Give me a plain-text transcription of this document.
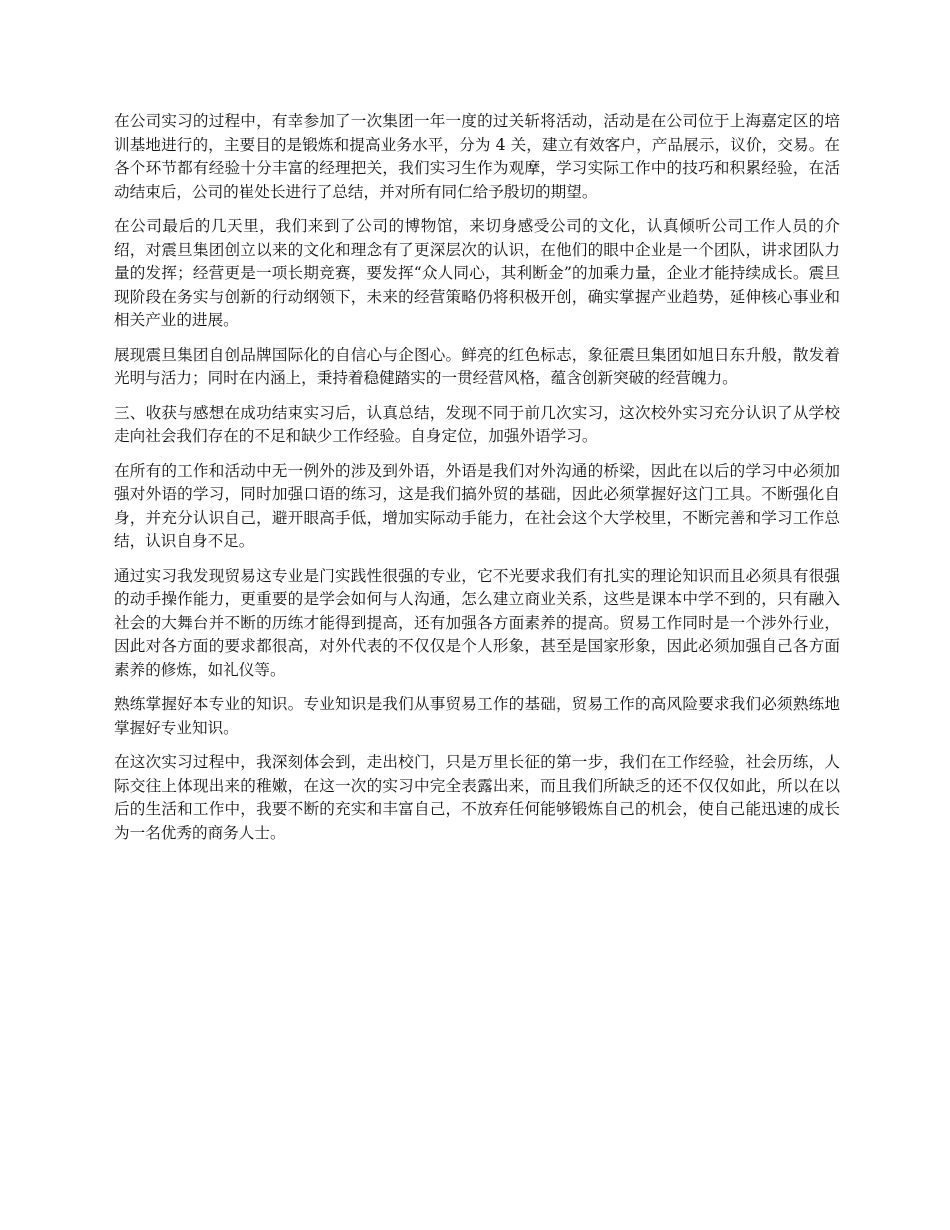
在公司实习的过程中，有幸参加了一次集团一年一度的过关斩将活动，活动是在公司位于上海嘉定区的培训基地进行的，主要目的是锻炼和提高业务水平，分为 4 关，建立有效客户，产品展示，议价，交易。在各个环节都有经验十分丰富的经理把关，我们实习生作为观摩，学习实际工作中的技巧和积累经验，在活动结束后，公司的崔处长进行了总结，并对所有同仁给予殷切的期望。

在公司最后的几天里，我们来到了公司的博物馆，来切身感受公司的文化，认真倾听公司工作人员的介绍，对震旦集团创立以来的文化和理念有了更深层次的认识，在他们的眼中企业是一个团队，讲求团队力量的发挥；经营更是一项长期竞赛，要发挥“众人同心，其利断金”的加乘力量，企业才能持续成长。震旦现阶段在务实与创新的行动纲领下，未来的经营策略仍将积极开创，确实掌握产业趋势，延伸核心事业和相关产业的进展。

展现震旦集团自创品牌国际化的自信心与企图心。鲜亮的红色标志，象征震旦集团如旭日东升般，散发着光明与活力；同时在内涵上，秉持着稳健踏实的一贯经营风格，蕴含创新突破的经营魄力。

三、收获与感想在成功结束实习后，认真总结，发现不同于前几次实习，这次校外实习充分认识了从学校走向社会我们存在的不足和缺少工作经验。自身定位，加强外语学习。

在所有的工作和活动中无一例外的涉及到外语，外语是我们对外沟通的桥梁，因此在以后的学习中必须加强对外语的学习，同时加强口语的练习，这是我们搞外贸的基础，因此必须掌握好这门工具。不断强化自身，并充分认识自己，避开眼高手低，增加实际动手能力，在社会这个大学校里，不断完善和学习工作总结，认识自身不足。

通过实习我发现贸易这专业是门实践性很强的专业，它不光要求我们有扎实的理论知识而且必须具有很强的动手操作能力，更重要的是学会如何与人沟通，怎么建立商业关系，这些是课本中学不到的，只有融入社会的大舞台并不断的历练才能得到提高，还有加强各方面素养的提高。贸易工作同时是一个涉外行业，因此对各方面的要求都很高，对外代表的不仅仅是个人形象，甚至是国家形象，因此必须加强自己各方面素养的修炼，如礼仪等。

熟练掌握好本专业的知识。专业知识是我们从事贸易工作的基础，贸易工作的高风险要求我们必须熟练地掌握好专业知识。

在这次实习过程中，我深刻体会到，走出校门，只是万里长征的第一步，我们在工作经验，社会历练，人际交往上体现出来的稚嫩，在这一次的实习中完全表露出来，而且我们所缺乏的还不仅仅如此，所以在以后的生活和工作中，我要不断的充实和丰富自己，不放弃任何能够锻炼自己的机会，使自己能迅速的成长为一名优秀的商务人士。
